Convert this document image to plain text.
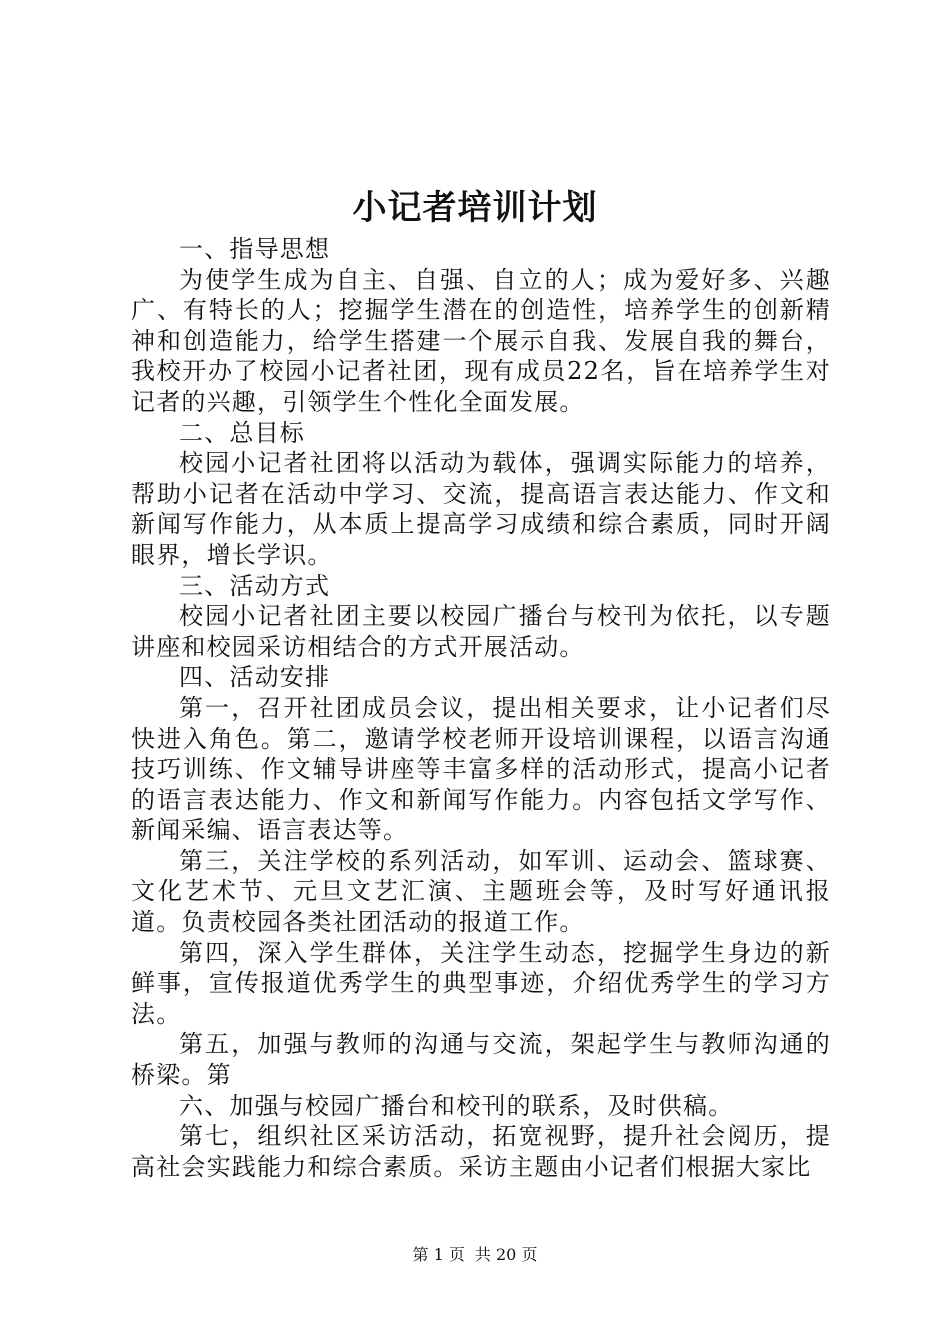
小记者培训计划

一、指导思想

为使学生成为自主、自强、自立的人；成为爱好多、兴趣广、有特长的人；挖掘学生潜在的创造性，培养学生的创新精神和创造能力，给学生搭建一个展示自我、发展自我的舞台，我校开办了校园小记者社团，现有成员22名，旨在培养学生对记者的兴趣，引领学生个性化全面发展。

二、总目标

校园小记者社团将以活动为载体，强调实际能力的培养，帮助小记者在活动中学习、交流，提高语言表达能力、作文和新闻写作能力，从本质上提高学习成绩和综合素质，同时开阔眼界，增长学识。

三、活动方式

校园小记者社团主要以校园广播台与校刊为依托，以专题讲座和校园采访相结合的方式开展活动。

四、活动安排

第一，召开社团成员会议，提出相关要求，让小记者们尽快进入角色。第二，邀请学校老师开设培训课程，以语言沟通技巧训练、作文辅导讲座等丰富多样的活动形式，提高小记者的语言表达能力、作文和新闻写作能力。内容包括文学写作、新闻采编、语言表达等。

第三，关注学校的系列活动，如军训、运动会、篮球赛、文化艺术节、元旦文艺汇演、主题班会等，及时写好通讯报道。负责校园各类社团活动的报道工作。

第四，深入学生群体，关注学生动态，挖掘学生身边的新鲜事，宣传报道优秀学生的典型事迹，介绍优秀学生的学习方法。

第五，加强与教师的沟通与交流，架起学生与教师沟通的桥梁。第

六、加强与校园广播台和校刊的联系，及时供稿。

第七，组织社区采访活动，拓宽视野，提升社会阅历，提高社会实践能力和综合素质。采访主题由小记者们根据大家比

第 1 页 共 20 页
